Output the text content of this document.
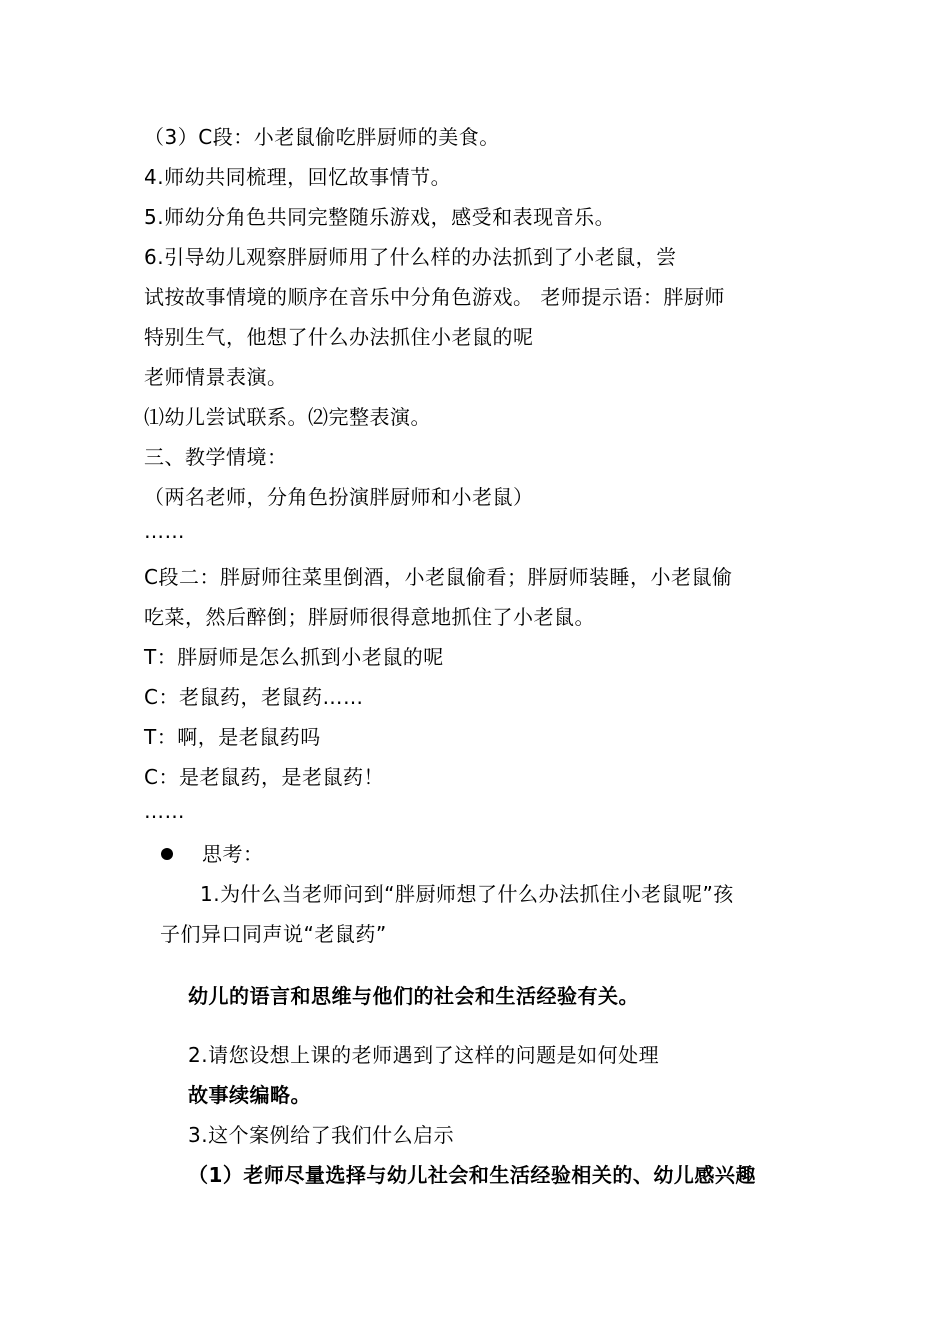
（3）C段：小老鼠偷吃胖厨师的美食。
4.师幼共同梳理，回忆故事情节。
5.师幼分角色共同完整随乐游戏，感受和表现音乐。
6.引导幼儿观察胖厨师用了什么样的办法抓到了小老鼠，尝
试按故事情境的顺序在音乐中分角色游戏。 老师提示语：胖厨师
特别生气，他想了什么办法抓住小老鼠的呢
老师情景表演。
⑴幼儿尝试联系。⑵完整表演。
三、教学情境：
（两名老师，分角色扮演胖厨师和小老鼠）
……
C段二：胖厨师往菜里倒酒，小老鼠偷看；胖厨师装睡，小老鼠偷
吃菜，然后醉倒；胖厨师很得意地抓住了小老鼠。
T：胖厨师是怎么抓到小老鼠的呢
C：老鼠药，老鼠药……
T：啊，是老鼠药吗
C：是老鼠药，是老鼠药！
……
思考：
1.为什么当老师问到“胖厨师想了什么办法抓住小老鼠呢”孩
子们异口同声说“老鼠药”
幼儿的语言和思维与他们的社会和生活经验有关。
2.请您设想上课的老师遇到了这样的问题是如何处理
故事续编略。
3.这个案例给了我们什么启示
（1）老师尽量选择与幼儿社会和生活经验相关的、幼儿感兴趣
